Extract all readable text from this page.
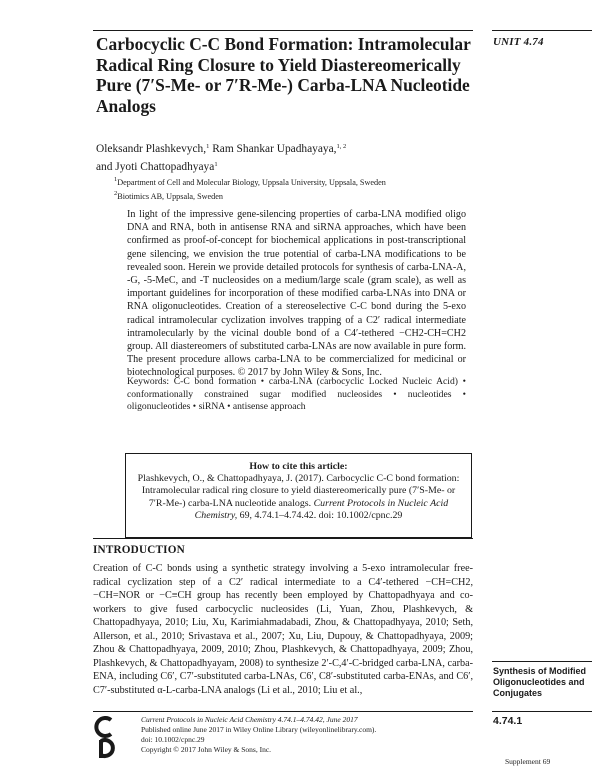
Carbocyclic C-C Bond Formation: Intramolecular Radical Ring Closure to Yield Diastereomerically Pure (7′S-Me- or 7′R-Me-) Carba-LNA Nucleotide Analogs
UNIT 4.74
Oleksandr Plashkevych,$^1$ Ram Shankar Upadhayaya,$^{1, 2}$
and Jyoti Chattopadhyaya$^1$
$^1$Department of Cell and Molecular Biology, Uppsala University, Uppsala, Sweden
$^2$Biotimics AB, Uppsala, Sweden
In light of the impressive gene-silencing properties of carba-LNA modified oligo DNA and RNA, both in antisense RNA and siRNA approaches, which have been confirmed as proof-of-concept for biochemical applications in post-transcriptional gene silencing, we envision the true potential of carba-LNA modifications to be revealed soon. Herein we provide detailed protocols for synthesis of carba-LNA-A, -G, -5-MeC, and -T nucleosides on a medium/large scale (gram scale), as well as important guidelines for incorporation of these modified carba-LNAs into DNA or RNA oligonucleotides. Creation of a stereoselective C-C bond during the 5-exo radical intramolecular cyclization involves trapping of a C2′ radical intermediate intramolecularly by the vicinal double bond of a C4′-tethered −CH2-CH=CH2 group. All diastereomers of substituted carba-LNAs are now available in pure form. The present procedure allows carba-LNA to be commercialized for medicinal or biotechnological purposes. © 2017 by John Wiley & Sons, Inc.
Keywords: C-C bond formation • carba-LNA (carbocyclic Locked Nucleic Acid) • conformationally constrained sugar modified nucleosides • nucleotides • oligonucleotides • siRNA • antisense approach
How to cite this article:
Plashkevych, O., & Chattopadhyaya, J. (2017). Carbocyclic C-C bond formation: Intramolecular radical ring closure to yield diastereomerically pure (7′S-Me- or 7′R-Me-) carba-LNA nucleotide analogs. Current Protocols in Nucleic Acid Chemistry, 69, 4.74.1–4.74.42. doi: 10.1002/cpnc.29
INTRODUCTION
Creation of C-C bonds using a synthetic strategy involving a 5-exo intramolecular free-radical cyclization step of a C2′ radical intermediate to a C4′-tethered −CH=CH2, −CH=NOR or −C≡CH group has recently been employed by Chattopadhyaya and co-workers to give fused carbocyclic nucleosides (Li, Yuan, Zhou, Plashkevych, & Chattopadhyaya, 2010; Liu, Xu, Karimiahmadabadi, Zhou, & Chattopadhyaya, 2010; Seth, Allerson, et al., 2010; Srivastava et al., 2007; Xu, Liu, Dupouy, & Chattopadhyaya, 2009; Zhou & Chattopadhyaya, 2009, 2010; Zhou, Plashkevych, & Chattopadhyaya, 2009; Zhou, Plashkevych, & Chattopadhyayam, 2008) to synthesize 2′-C,4′-C-bridged carba-LNA, carba-ENA, including C6′, C7′-substituted carba-LNAs, C6′, C8′-substituted carba-ENAs, and C6′, C7′-substituted α-L-carba-LNA analogs (Li et al., 2010; Liu et al.,
Synthesis of Modified Oligonucleotides and Conjugates
4.74.1
Supplement 69
Current Protocols in Nucleic Acid Chemistry 4.74.1–4.74.42, June 2017
Published online June 2017 in Wiley Online Library (wileyonlinelibrary.com).
doi: 10.1002/cpnc.29
Copyright © 2017 John Wiley & Sons, Inc.
